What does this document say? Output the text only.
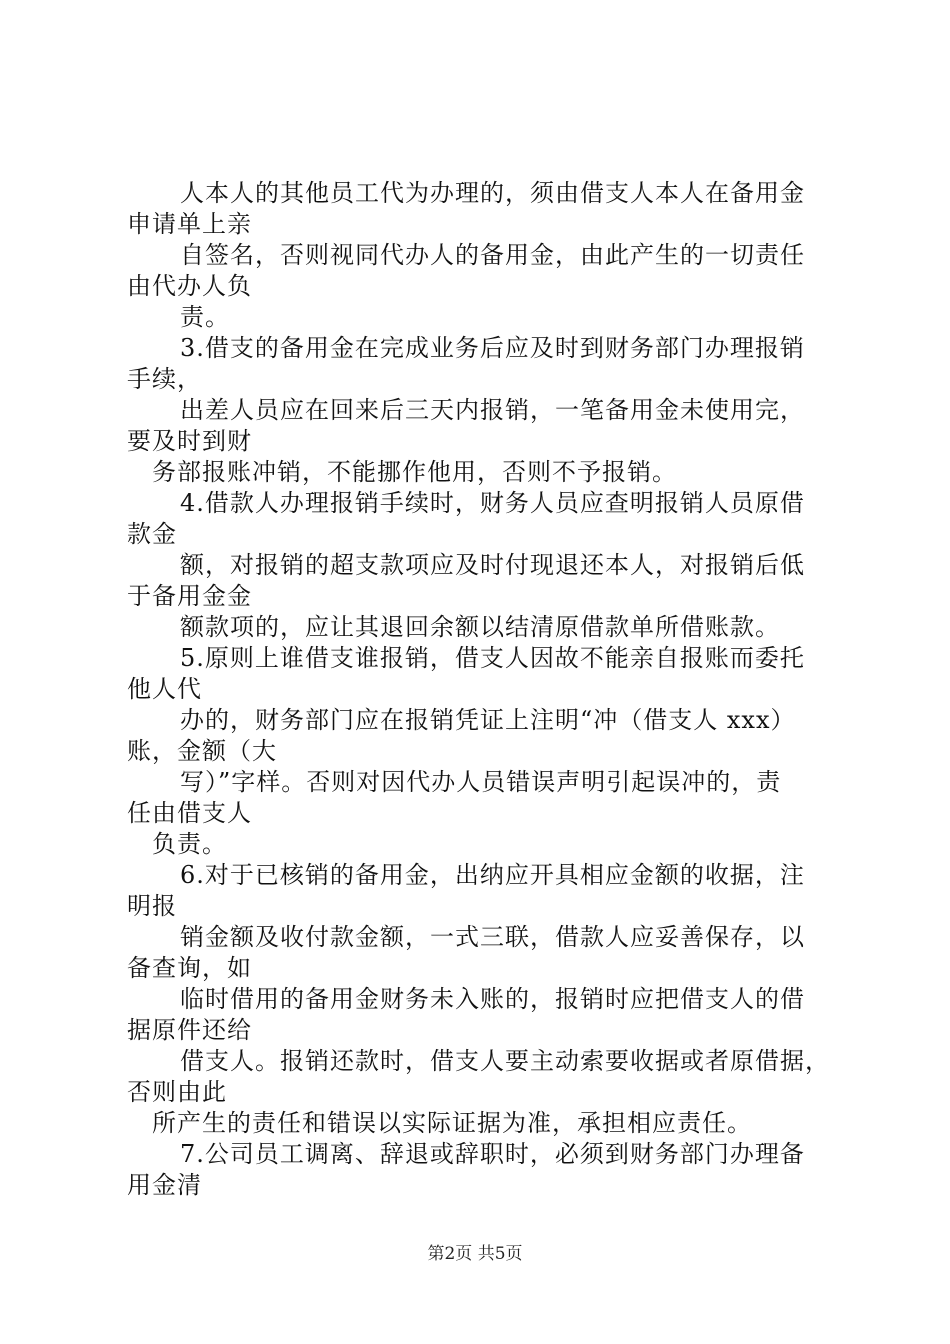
人本人的其他员工代为办理的，须由借支人本人在备用金
申请单上亲
自签名，否则视同代办人的备用金，由此产生的一切责任
由代办人负
责。
3.借支的备用金在完成业务后应及时到财务部门办理报销
手续，
出差人员应在回来后三天内报销，一笔备用金未使用完，
要及时到财
务部报账冲销，不能挪作他用，否则不予报销。
4.借款人办理报销手续时，财务人员应查明报销人员原借
款金
额，对报销的超支款项应及时付现退还本人，对报销后低
于备用金金
额款项的，应让其退回余额以结清原借款单所借账款。
5.原则上谁借支谁报销，借支人因故不能亲自报账而委托
他人代
办的，财务部门应在报销凭证上注明“冲（借支人 xxx）
账，金额（大
写）”字样。否则对因代办人员错误声明引起误冲的，责
任由借支人
负责。
6.对于已核销的备用金，出纳应开具相应金额的收据，注
明报
销金额及收付款金额，一式三联，借款人应妥善保存，以
备查询，如
临时借用的备用金财务未入账的，报销时应把借支人的借
据原件还给
借支人。报销还款时，借支人要主动索要收据或者原借据，
否则由此
所产生的责任和错误以实际证据为准，承担相应责任。
7.公司员工调离、辞退或辞职时，必须到财务部门办理备
用金清
第2页 共5页
